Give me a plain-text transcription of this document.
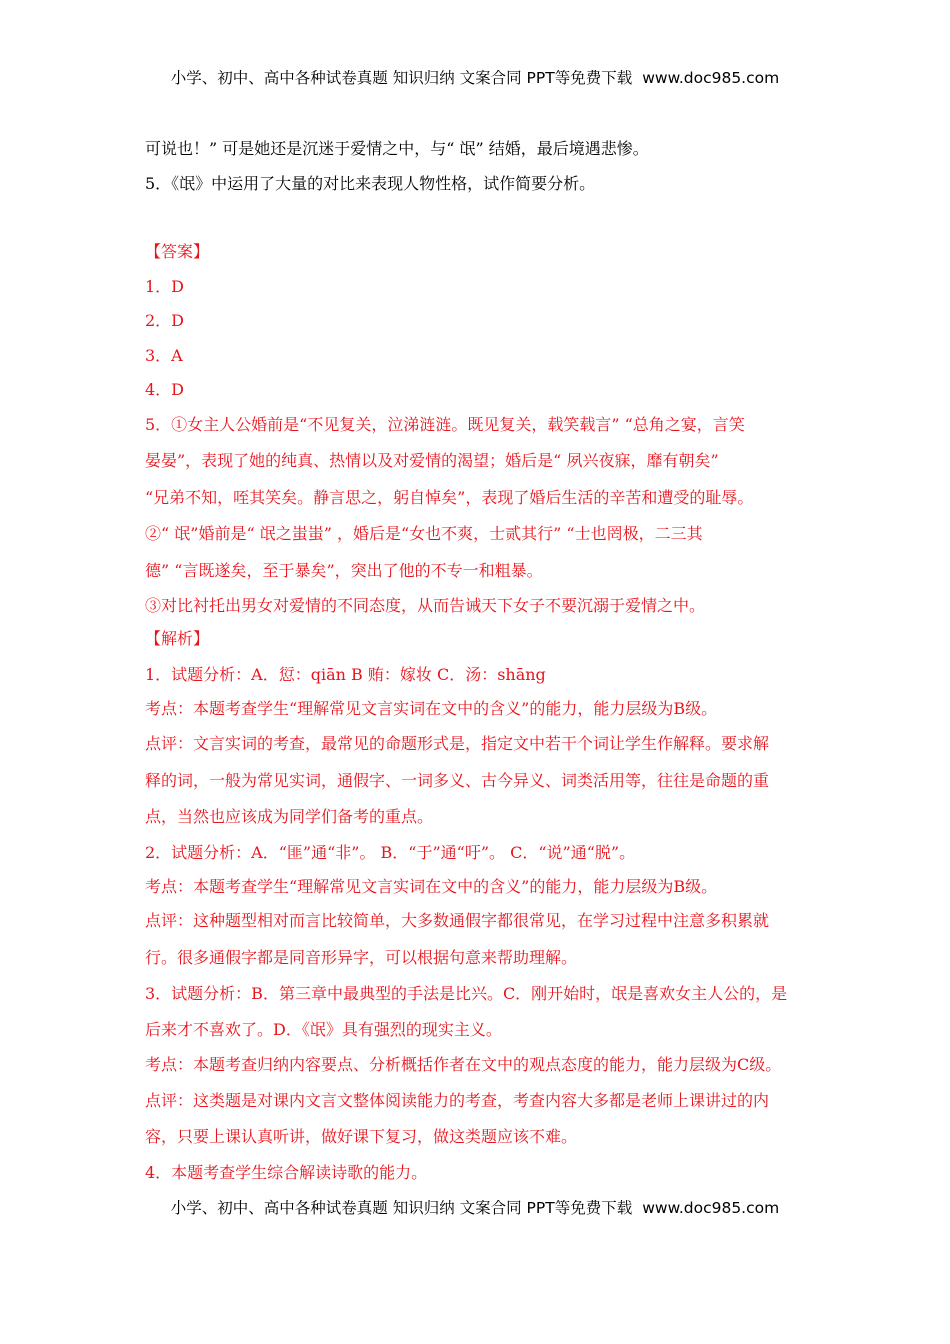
小学、初中、高中各种试卷真题 知识归纳 文案合同 PPT等免费下载 www.doc985.com
可说也！” 可是她还是沉迷于爱情之中，与“ 氓” 结婚，最后境遇悲惨。
5．《氓》中运用了大量的对比来表现人物性格，试作简要分析。
【答案】
1．D
2．D
3．A
4．D
5．①女主人公婚前是“不见复关，泣涕涟涟。既见复关，载笑载言” “总角之宴，言笑
晏晏”，表现了她的纯真、热情以及对爱情的渴望；婚后是“ 夙兴夜寐，靡有朝矣”
“兄弟不知，咥其笑矣。静言思之，躬自悼矣”，表现了婚后生活的辛苦和遭受的耻辱。
②“ 氓”婚前是“ 氓之蚩蚩” ，婚后是“女也不爽，士贰其行” “士也罔极，二三其
德” “言既遂矣，至于暴矣”，突出了他的不专一和粗暴。
③对比衬托出男女对爱情的不同态度，从而告诫天下女子不要沉溺于爱情之中。
【解析】
1．试题分析：A．愆：qiān B 贿：嫁妆 C．汤：shāng
考点：本题考查学生“理解常见文言实词在文中的含义”的能力，能力层级为B级。
点评：文言实词的考查，最常见的命题形式是，指定文中若干个词让学生作解释。要求解
释的词，一般为常见实词，通假字、一词多义、古今异义、词类活用等，往往是命题的重
点，当然也应该成为同学们备考的重点。
2．试题分析：A．“匪”通“非”。 B．“于”通“吁”。 C．“说”通“脱”。
考点：本题考查学生“理解常见文言实词在文中的含义”的能力，能力层级为B级。
点评：这种题型相对而言比较简单，大多数通假字都很常见，在学习过程中注意多积累就
行。很多通假字都是同音形异字，可以根据句意来帮助理解。
3．试题分析：B．第三章中最典型的手法是比兴。C．刚开始时，氓是喜欢女主人公的，是
后来才不喜欢了。D．《氓》具有强烈的现实主义。
考点：本题考查归纳内容要点、分析概括作者在文中的观点态度的能力，能力层级为C级。
点评：这类题是对课内文言文整体阅读能力的考查，考查内容大多都是老师上课讲过的内
容，只要上课认真听讲，做好课下复习，做这类题应该不难。
4．本题考查学生综合解读诗歌的能力。
小学、初中、高中各种试卷真题 知识归纳 文案合同 PPT等免费下载 www.doc985.com
